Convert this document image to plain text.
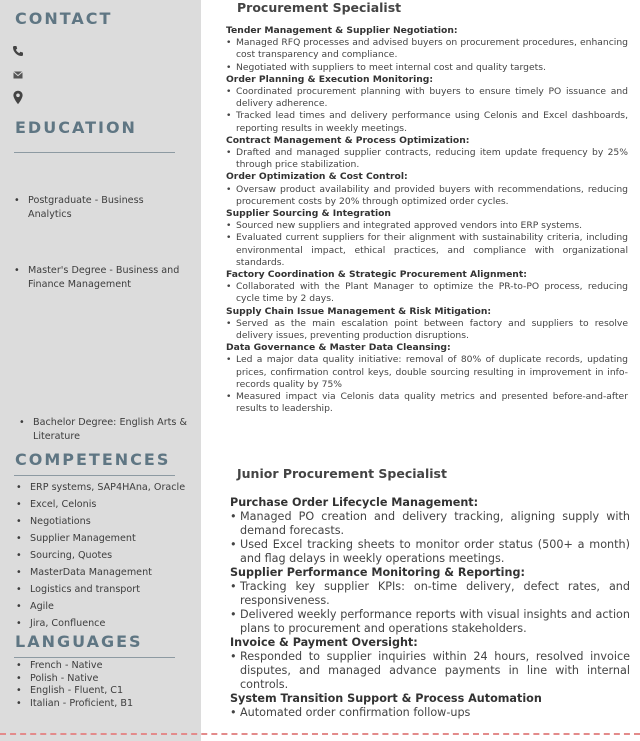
CONTACT
EDUCATION
• Postgraduate - Business Analytics
• Master's Degree - Business and Finance Management
• Bachelor Degree: English Arts & Literature
COMPETENCES
• ERP systems, SAP4HAna, Oracle
• Excel, Celonis
• Negotiations
• Supplier Management
• Sourcing, Quotes
• MasterData Management
• Logistics and transport
• Agile
• Jira, Confluence
LANGUAGES
• French - Native
• Polish - Native
• English - Fluent, C1
• Italian - Proficient, B1
Procurement Specialist
Tender Management & Supplier Negotiation:
• Managed RFQ processes and advised buyers on procurement procedures, enhancing cost transparency and compliance.
• Negotiated with suppliers to meet internal cost and quality targets.
Order Planning & Execution Monitoring:
• Coordinated procurement planning with buyers to ensure timely PO issuance and delivery adherence.
• Tracked lead times and delivery performance using Celonis and Excel dashboards, reporting results in weekly meetings.
Contract Management & Process Optimization:
• Drafted and managed supplier contracts, reducing item update frequency by 25% through price stabilization.
Order Optimization & Cost Control:
• Oversaw product availability and provided buyers with recommendations, reducing procurement costs by 20% through optimized order cycles.
Supplier Sourcing & Integration
• Sourced new suppliers and integrated approved vendors into ERP systems.
• Evaluated current suppliers for their alignment with sustainability criteria, including environmental impact, ethical practices, and compliance with organizational standards.
Factory Coordination & Strategic Procurement Alignment:
• Collaborated with the Plant Manager to optimize the PR-to-PO process, reducing cycle time by 2 days.
Supply Chain Issue Management & Risk Mitigation:
• Served as the main escalation point between factory and suppliers to resolve delivery issues, preventing production disruptions.
Data Governance & Master Data Cleansing:
• Led a major data quality initiative: removal of 80% of duplicate records, updating prices, confirmation control keys, double sourcing resulting in improvement in info-records quality by 75%
• Measured impact via Celonis data quality metrics and presented before-and-after results to leadership.
Junior Procurement Specialist
Purchase Order Lifecycle Management:
• Managed PO creation and delivery tracking, aligning supply with demand forecasts.
• Used Excel tracking sheets to monitor order status (500+ a month) and flag delays in weekly operations meetings.
Supplier Performance Monitoring & Reporting:
• Tracking key supplier KPIs: on-time delivery, defect rates, and responsiveness.
• Delivered weekly performance reports with visual insights and action plans to procurement and operations stakeholders.
Invoice & Payment Oversight:
• Responded to supplier inquiries within 24 hours, resolved invoice disputes, and managed advance payments in line with internal controls.
System Transition Support & Process Automation
• Automated order confirmation follow-ups
